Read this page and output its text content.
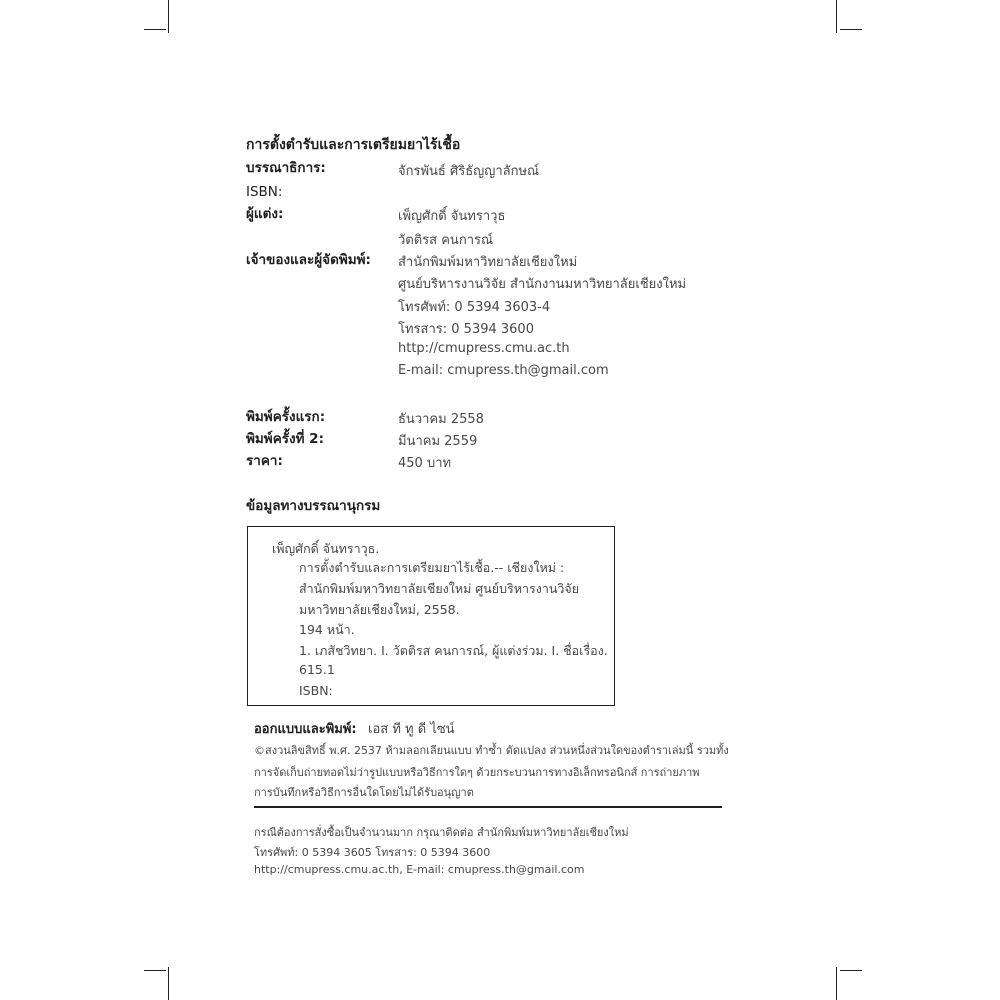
การตั้งตำรับและการเตรียมยาไร้เชื้อ
บรรณาธิการ:	จักรพันธ์ ศิริธัญญาลักษณ์
ISBN:
ผู้แต่ง:	เพ็ญศักดิ์ จันทราวุธ
วัตติรส คนการณ์
เจ้าของและผู้จัดพิมพ์: สำนักพิมพ์มหาวิทยาลัยเชียงใหม่
ศูนย์บริหารงานวิจัย สำนักงานมหาวิทยาลัยเชียงใหม่
โทรศัพท์: 0 5394 3603-4
โทรสาร: 0 5394 3600
http://cmupress.cmu.ac.th
E-mail: cmupress.th@gmail.com
พิมพ์ครั้งแรก:	ธันวาคม 2558
พิมพ์ครั้งที่ 2:	มีนาคม 2559
ราคา:	450 บาท
ข้อมูลทางบรรณานุกรม
เพ็ญศักดิ์ จันทราวุธ.
การตั้งตำรับและการเตรียมยาไร้เชื้อ.-- เชียงใหม่ :
สำนักพิมพ์มหาวิทยาลัยเชียงใหม่ ศูนย์บริหารงานวิจัย
มหาวิทยาลัยเชียงใหม่, 2558.
194 หน้า.
1. เภสัชวิทยา. I. วัตติรส คนการณ์, ผู้แต่งร่วม. I. ชื่อเรื่อง.
615.1
ISBN:
ออกแบบและพิมพ์: เอส ที ทู ดี ไซน์
©สงวนลิขสิทธิ์ พ.ศ. 2537 ห้ามลอกเลียนแบบ ทำซ้ำ ดัดแปลง ส่วนหนึ่งส่วนใดของตำราเล่มนี้ รวมทั้ง
การจัดเก็บถ่ายทอดไม่ว่ารูปแบบหรือวิธีการใดๆ ด้วยกระบวนการทางอิเล็กทรอนิกส์ การถ่ายภาพ
การบันทึกหรือวิธีการอื่นใดโดยไม่ได้รับอนุญาต
กรณีต้องการสั่งซื้อเป็นจำนวนมาก กรุณาติดต่อ สำนักพิมพ์มหาวิทยาลัยเชียงใหม่
โทรศัพท์: 0 5394 3605 โทรสาร: 0 5394 3600
http://cmupress.cmu.ac.th, E-mail: cmupress.th@gmail.com
